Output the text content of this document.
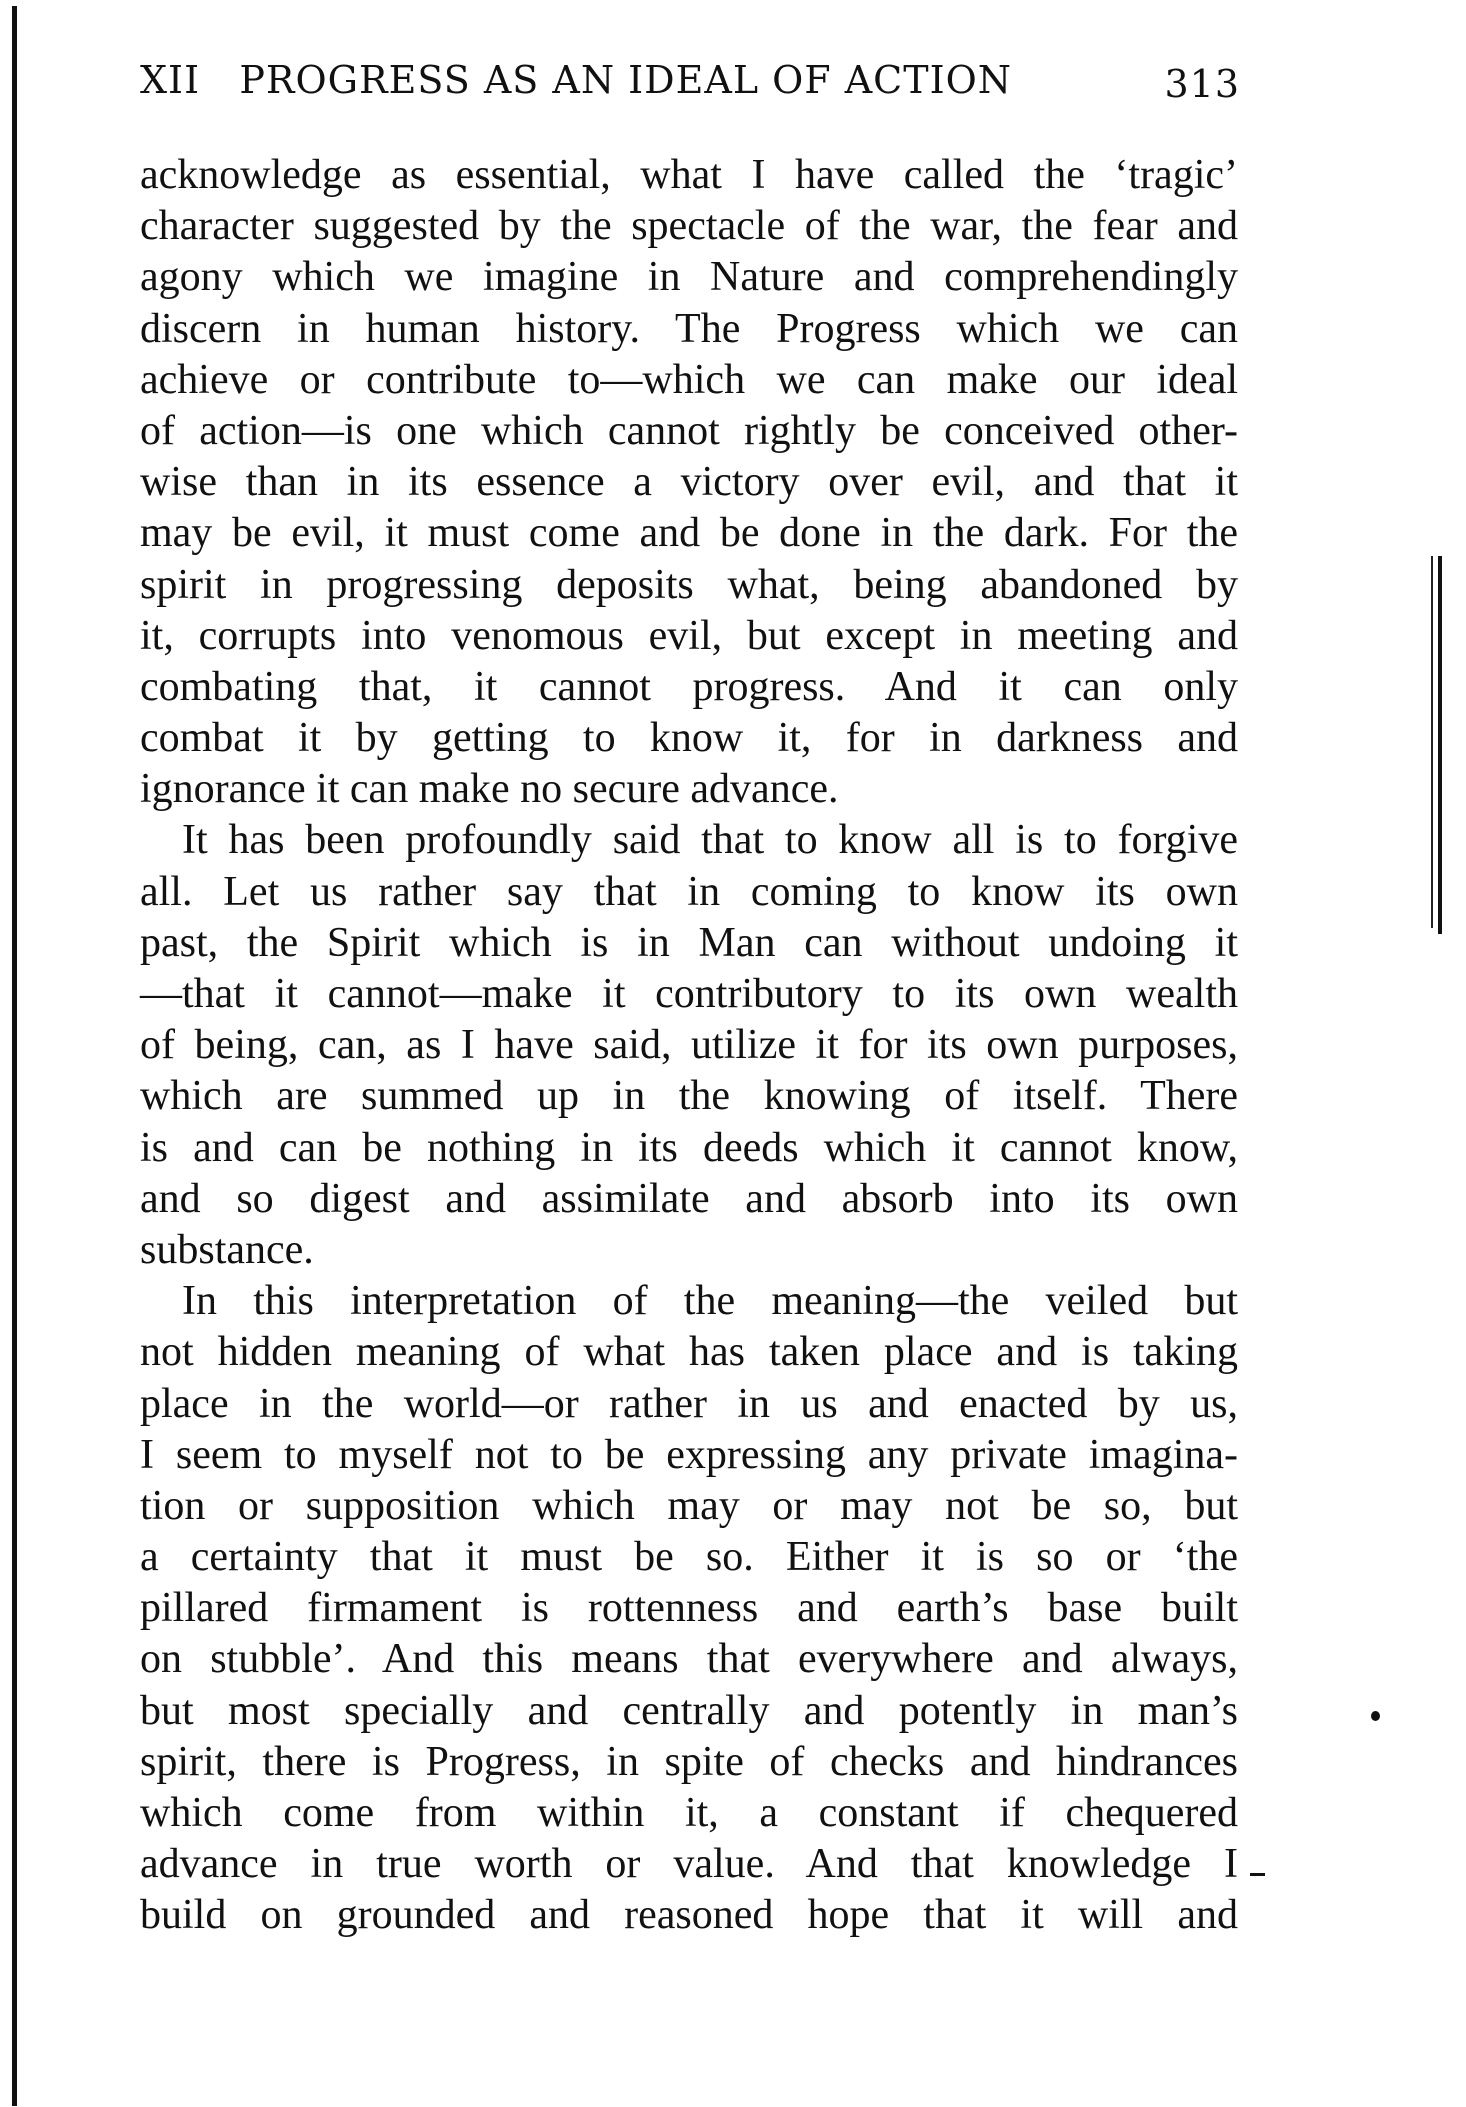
XII PROGRESS AS AN IDEAL OF ACTION	313
acknowledge as essential, what I have called the ‘tragic’
character suggested by the spectacle of the war, the fear and
agony which we imagine in Nature and comprehendingly
discern in human history. The Progress which we can
achieve or contribute to—which we can make our ideal
of action—is one which cannot rightly be conceived other-
wise than in its essence a victory over evil, and that it
may be evil, it must come and be done in the dark. For the
spirit in progressing deposits what, being abandoned by
it, corrupts into venomous evil, but except in meeting and
combating that, it cannot progress. And it can only
combat it by getting to know it, for in darkness and
ignorance it can make no secure advance.
It has been profoundly said that to know all is to forgive
all. Let us rather say that in coming to know its own
past, the Spirit which is in Man can without undoing it
—that it cannot—make it contributory to its own wealth
of being, can, as I have said, utilize it for its own purposes,
which are summed up in the knowing of itself. There
is and can be nothing in its deeds which it cannot know,
and so digest and assimilate and absorb into its own
substance.
In this interpretation of the meaning—the veiled but
not hidden meaning of what has taken place and is taking
place in the world—or rather in us and enacted by us,
I seem to myself not to be expressing any private imagina-
tion or supposition which may or may not be so, but
a certainty that it must be so. Either it is so or ‘the
pillared firmament is rottenness and earth’s base built
on stubble’. And this means that everywhere and always,
but most specially and centrally and potently in man’s
spirit, there is Progress, in spite of checks and hindrances
which come from within it, a constant if chequered
advance in true worth or value. And that knowledge I
build on grounded and reasoned hope that it will and
